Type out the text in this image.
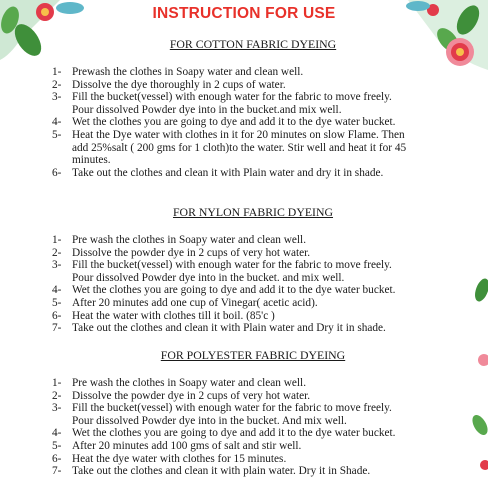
INSTRUCTION FOR USE

FOR COTTON FABRIC DYEING

1- Prewash the clothes in Soapy water and clean well.
2- Dissolve the dye thoroughly in 2 cups of water.
3- Fill the bucket(vessel) with enough water for the fabric to move freely.
Pour dissolved Powder dye into in the bucket.and mix well.
4- Wet the clothes you are going to dye and add it to the dye water bucket.
5- Heat the Dye water with clothes in it for 20 minutes on slow Flame. Then
add 25%salt ( 200 gms for 1 cloth)to the water. Stir well and heat it for 45
minutes.
6- Take out the clothes and clean it with Plain water and dry it in shade.

FOR NYLON FABRIC DYEING

1- Pre wash the clothes in Soapy water and clean well.
2- Dissolve the powder dye in 2 cups of very hot water.
3- Fill the bucket(vessel) with enough water for the fabric to move freely.
Pour dissolved Powder dye into in the bucket. and mix well.
4- Wet the clothes you are going to dye and add it to the dye water bucket.
5- After 20 minutes add one cup of Vinegar( acetic acid).
6- Heat the water with clothes till it boil. (85'c )
7- Take out the clothes and clean it with Plain water and Dry it in shade.

FOR POLYESTER FABRIC DYEING

1- Pre wash the clothes in Soapy water and clean well.
2- Dissolve the powder dye in 2 cups of very hot water.
3- Fill the bucket(vessel) with enough water for the fabric to move freely.
Pour dissolved Powder dye into in the bucket. And mix well.
4- Wet the clothes you are going to dye and add it to the dye water bucket.
5- After 20 minutes add 100 gms of salt and stir well.
6- Heat the dye water with clothes for 15 minutes.
7- Take out the clothes and clean it with plain water. Dry it in Shade.
